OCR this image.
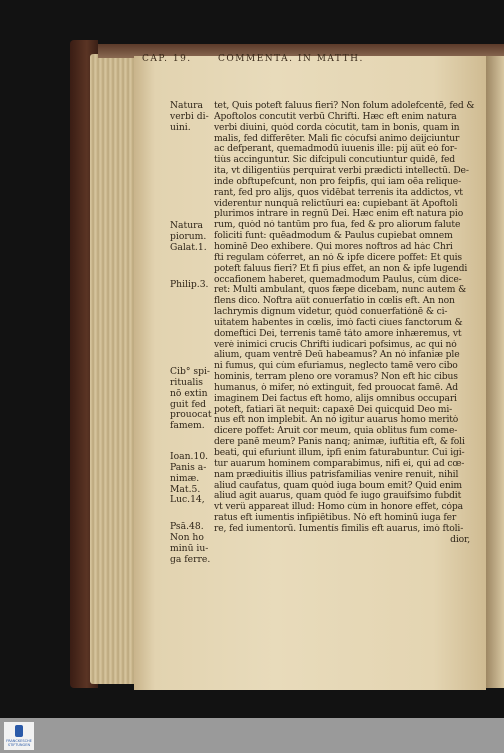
CAP. 19.	COMMENTA. IN MATTH.
Natura
verbi di-
uini.
Natura
piorum.
Galat.1.
Philip.3.
Cib° spi-
ritualis
nō extin
guit fed
prouocat
famem.
Ioan.10.
Panis a-
nimæ.
Mat.5.
Luc.14,
Psā.48.
Non ho
minū iu-
ga ferre.
tet, Quis poteft faluus fieri? Non folum adolefcentē, fed &
Apoftolos concutit verbū Chrifti. Hæc eft enim natura
verbi diuini, quòd corda còcutit, tam in bonis, quam in
malis, fed differēter. Mali fic cócufsi animo deijciuntur
ac defperant, quemadmodū iuuenis ille: pij au̅t eò for-
tiùs accinguntur. Sic difcipuli concutiuntur quidē, fed
ita, vt diligentiùs perquirat verbi prædicti intellectū. De-
inde obftupefcunt, non pro feipfis, qui iam oēa relique-
rant, fed pro alijs, quos vidēbat terrenis ita addictos, vt
viderentur nunquā relictūuri ea: cupiebant a̅t Apoftoli
plurimos intrare in regnū Dei. Hæc enim eft natura pio
rum, quòd nó tantūm pro fua, fed & pro aliorum falute
foliciti funt: quēadmodum & Paulus cupiebat omnem
hominē Deo exhibere. Qui mores noftros ad hác Chri
fti regulam cóferret, an nó & ipfe dicere poffet: Et quis
poteft faluus fieri? Et fi pius effet, an non & ipfe lugendi
occafionem haberet, quemadmodum Paulus, cùm dice-
ret: Multi ambulant, quos fæpe dicebam, nunc autem &
flens dico. Noftra au̅t conuerfatio in cœlis eft. An non
lachrymis dignum videtur, quòd conuerfatiónē & ci-
uitatem habentes in cœlis, imò facti ciues fanctorum &
domeftici Dei, terrenis tamē táto amore inhæremus, vt
verè inimici crucis Chrifti iudicari pofsimus, ac qui nó
alium, quam ventrē Deū habeamus? An nó infaniæ ple
ni fumus, qui cùm efuriamus, neglecto tamē vero cibo
hominis, terram pleno ore voramus? Non eft hic cibus
humanus, ò mifer, nó extinguit, fed prouocat famē. Ad
imaginem Dei factus eft homo, alijs omnibus occupari
poteft, fatiari a̅t nequit: capaxē Dei quicquid Deo mi-
nus eft non implebit. An nó igitur auarus homo meritò
dicere poffet: Aruit cor meum, quia oblitus fum come-
dere panē meum? Panis nanq; animæ, iuftitia eft, & foli
beati, qui efuriunt illum, ipfi enim faturabuntur. Cui igi-
tur auarum hominem comparabimus, nifi ei, qui ad cœ-
nam prædiuitis illius patrisfamilias venire renuit, nihil
aliud caufatus, quam quòd iuga boum emit? Quid enim
aliud agit auarus, quam quòd fe iugo grauifsimo fubdit
vt verû appareat illud: Homo cùm in honore effet, cópa
ratus eft iumentis infipiētibus. Nò eft hominū iuga fer
re, fed iumentorū. Iumentís fimilis eft auarus, imò ftoli-
dior,
FRANCKESCHE
STIFTUNGEN
